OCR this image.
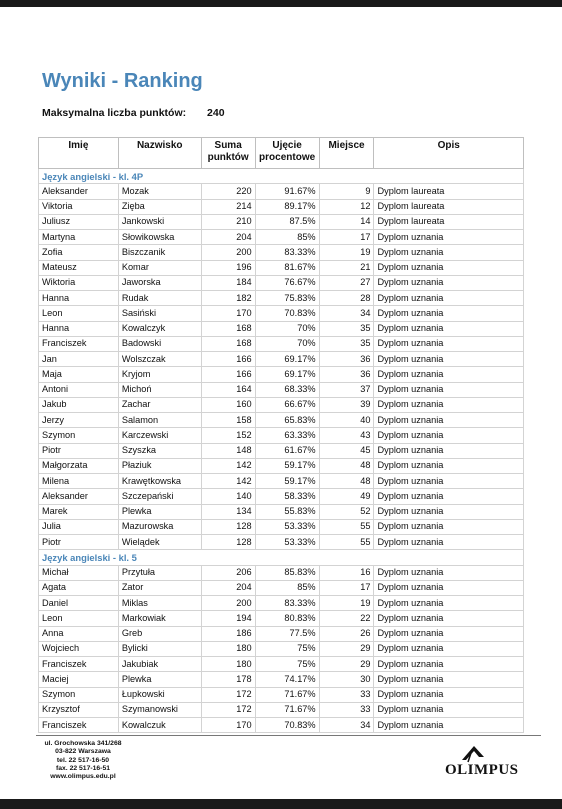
Wyniki - Ranking
Maksymalna liczba punktów: 240
Imię	Nazwisko	Suma punktów	Ujęcie procentowe	Miejsce	Opis
Język angielski - kl. 4P					
Aleksander	Mozak	220	91.67%	9	Dyplom laureata
Viktoria	Zięba	214	89.17%	12	Dyplom laureata
Juliusz	Jankowski	210	87.5%	14	Dyplom laureata
Martyna	Słowikowska	204	85%	17	Dyplom uznania
Zofia	Biszczanik	200	83.33%	19	Dyplom uznania
Mateusz	Komar	196	81.67%	21	Dyplom uznania
Wiktoria	Jaworska	184	76.67%	27	Dyplom uznania
Hanna	Rudak	182	75.83%	28	Dyplom uznania
Leon	Sasiński	170	70.83%	34	Dyplom uznania
Hanna	Kowalczyk	168	70%	35	Dyplom uznania
Franciszek	Badowski	168	70%	35	Dyplom uznania
Jan	Wolszczak	166	69.17%	36	Dyplom uznania
Maja	Kryjom	166	69.17%	36	Dyplom uznania
Antoni	Michoń	164	68.33%	37	Dyplom uznania
Jakub	Zachar	160	66.67%	39	Dyplom uznania
Jerzy	Salamon	158	65.83%	40	Dyplom uznania
Szymon	Karczewski	152	63.33%	43	Dyplom uznania
Piotr	Szyszka	148	61.67%	45	Dyplom uznania
Małgorzata	Płaziuk	142	59.17%	48	Dyplom uznania
Milena	Krawętkowska	142	59.17%	48	Dyplom uznania
Aleksander	Szczepański	140	58.33%	49	Dyplom uznania
Marek	Plewka	134	55.83%	52	Dyplom uznania
Julia	Mazurowska	128	53.33%	55	Dyplom uznania
Piotr	Wielądek	128	53.33%	55	Dyplom uznania
Język angielski - kl. 5					
Michał	Przytuła	206	85.83%	16	Dyplom uznania
Agata	Zator	204	85%	17	Dyplom uznania
Daniel	Miklas	200	83.33%	19	Dyplom uznania
Leon	Markowiak	194	80.83%	22	Dyplom uznania
Anna	Greb	186	77.5%	26	Dyplom uznania
Wojciech	Bylicki	180	75%	29	Dyplom uznania
Franciszek	Jakubiak	180	75%	29	Dyplom uznania
Maciej	Plewka	178	74.17%	30	Dyplom uznania
Szymon	Łupkowski	172	71.67%	33	Dyplom uznania
Krzysztof	Szymanowski	172	71.67%	33	Dyplom uznania
Franciszek	Kowalczuk	170	70.83%	34	Dyplom uznania
ul. Grochowska 341/268
03-822 Warszawa
tel. 22 517-16-50
fax. 22 517-16-51
www.olimpus.edu.pl	OLIMPUS
